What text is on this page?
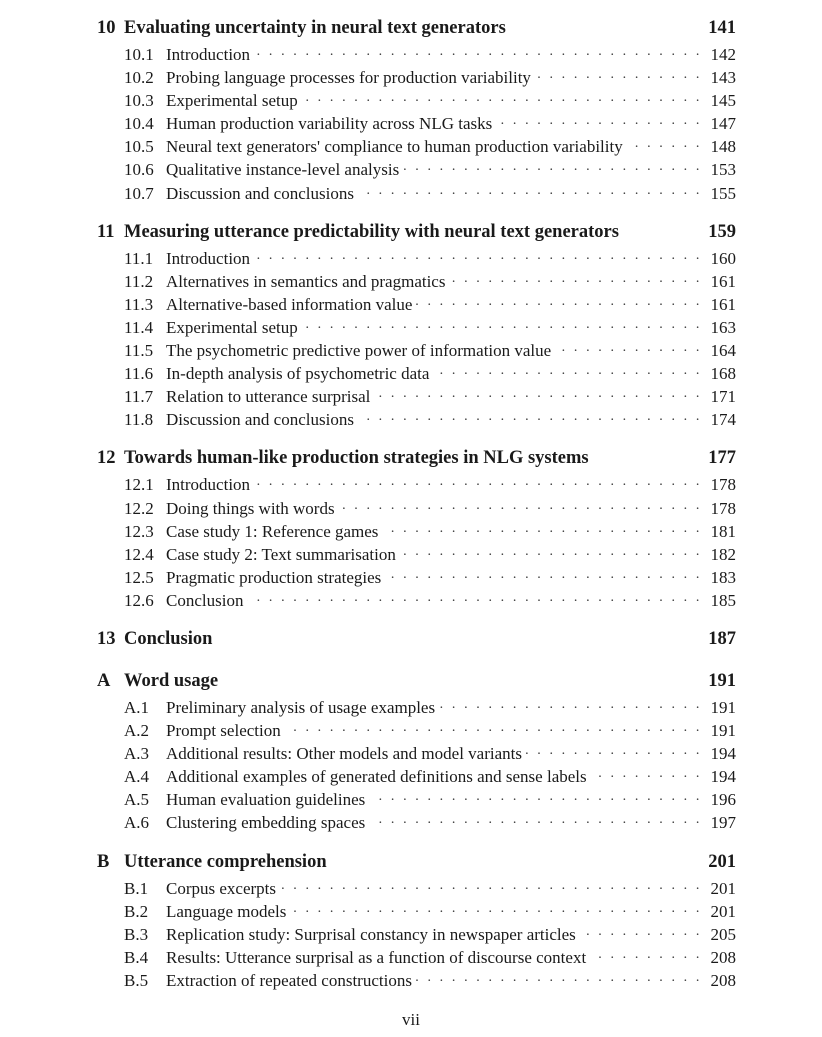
10 Evaluating uncertainty in neural text generators	141
10.1 Introduction . . .	142
10.2 Probing language processes for production variability . . .	143
10.3 Experimental setup . . .	145
10.4 Human production variability across NLG tasks . . .	147
10.5 Neural text generators' compliance to human production variability . . .	148
10.6 Qualitative instance-level analysis . . .	153
10.7 Discussion and conclusions . . .	155
11 Measuring utterance predictability with neural text generators	159
11.1 Introduction . . .	160
11.2 Alternatives in semantics and pragmatics . . .	161
11.3 Alternative-based information value . . .	161
11.4 Experimental setup . . .	163
11.5 The psychometric predictive power of information value . . .	164
11.6 In-depth analysis of psychometric data . . .	168
11.7 Relation to utterance surprisal . . .	171
11.8 Discussion and conclusions . . .	174
12 Towards human-like production strategies in NLG systems	177
12.1 Introduction . . .	178
12.2 Doing things with words . . .	178
12.3 Case study 1: Reference games . . .	181
12.4 Case study 2: Text summarisation . . .	182
12.5 Pragmatic production strategies . . .	183
12.6 Conclusion . . .	185
13 Conclusion	187
A Word usage	191
A.1 Preliminary analysis of usage examples . . .	191
A.2 Prompt selection . . .	191
A.3 Additional results: Other models and model variants . . .	194
A.4 Additional examples of generated definitions and sense labels . . .	194
A.5 Human evaluation guidelines . . .	196
A.6 Clustering embedding spaces . . .	197
B Utterance comprehension	201
B.1	Corpus excerpts . . .	201
B.2	Language models . . .	201
B.3	Replication study: Surprisal constancy in newspaper articles . . .	205
B.4	Results: Utterance surprisal as a function of discourse context . . .	208
B.5	Extraction of repeated constructions . . .	208
vii
